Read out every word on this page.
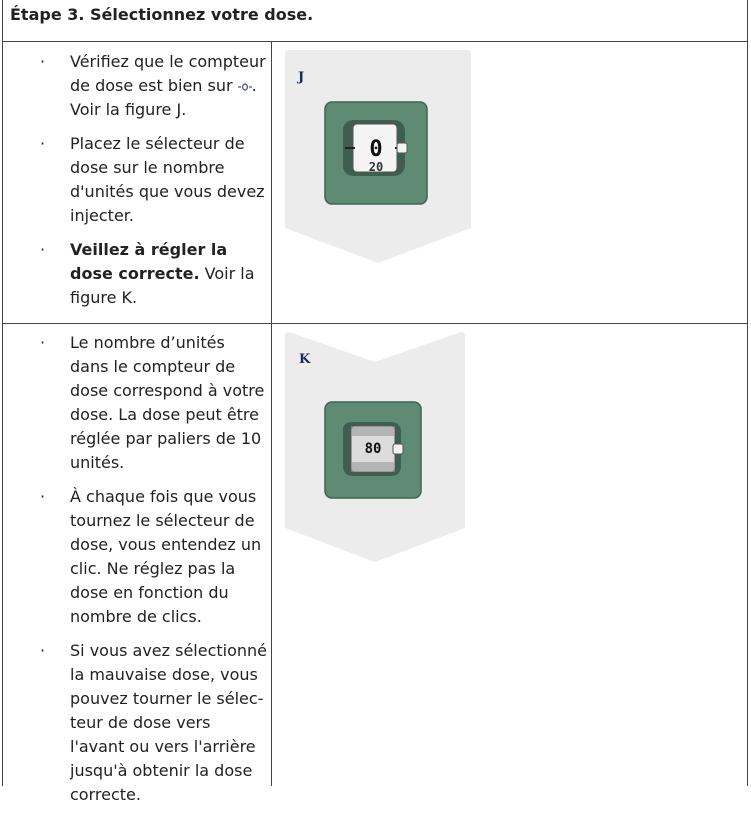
Étape 3. Sélectionnez votre dose.
· Vérifiez que le compteur de dose est bien sur . Voir la figure J.
· Placez le sélecteur de dose sur le nombre d'unités que vous devez injecter.
· Veillez à régler la dose correcte. Voir la figure K.
J
0
20
· Le nombre d’unités dans le compteur de dose correspond à votre dose. La dose peut être réglée par paliers de 10 unités.
· À chaque fois que vous tournez le sélecteur de dose, vous entendez un clic. Ne réglez pas la dose en fonction du nombre de clics.
· Si vous avez sélectionné la mauvaise dose, vous pouvez tourner le sélec-teur de dose vers l'avant ou vers l'arrière jusqu'à obtenir la dose correcte.
K
80
